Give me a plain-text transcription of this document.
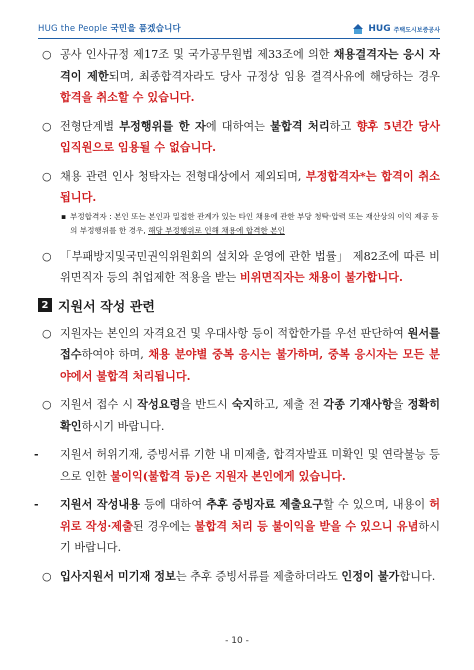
HUG the People 국민을 품겠습니다	HUG 주택도시보증공사
○ 공사 인사규정 제17조 및 국가공무원법 제33조에 의한 채용결격자는 응시 자격이 제한되며, 최종합격자라도 당사 규정상 임용 결격사유에 해당하는 경우 합격을 취소할 수 있습니다.
○ 전형단계별 부정행위를 한 자에 대하여는 불합격 처리하고 향후 5년간 당사 입직원으로 임용될 수 없습니다.
○ 채용 관련 인사 청탁자는 전형대상에서 제외되며, 부정합격자*는 합격이 취소됩니다.
▪ 부정합격자 : 본인 또는 본인과 밀접한 관계가 있는 타인 채용에 관한 부당 청탁·압력 또는 재산상의 이익 제공 등의 부정행위를 한 경우, 해당 부정행위로 인해 채용에 합격한 본인
○ 「부패방지및국민권익위원회의 설치와 운영에 관한 법률」 제82조에 따른 비위면직자 등의 취업제한 적용을 받는 비위면직자는 채용이 불가합니다.
2 지원서 작성 관련
○ 지원자는 본인의 자격요건 및 우대사항 등이 적합한가를 우선 판단하여 원서를 접수하여야 하며, 채용 분야별 중복 응시는 불가하며, 중복 응시자는 모든 분야에서 불합격 처리됩니다.
○ 지원서 접수 시 작성요령을 반드시 숙지하고, 제출 전 각종 기재사항을 정확히 확인하시기 바랍니다.
- 지원서 허위기재, 증빙서류 기한 내 미제출, 합격자발표 미확인 및 연락불능 등으로 인한 불이익(불합격 등)은 지원자 본인에게 있습니다.
- 지원서 작성내용 등에 대하여 추후 증빙자료 제출요구할 수 있으며, 내용이 허위로 작성·제출된 경우에는 불합격 처리 등 불이익을 받을 수 있으니 유념하시기 바랍니다.
○ 입사지원서 미기재 정보는 추후 증빙서류를 제출하더라도 인정이 불가합니다.
- 10 -
